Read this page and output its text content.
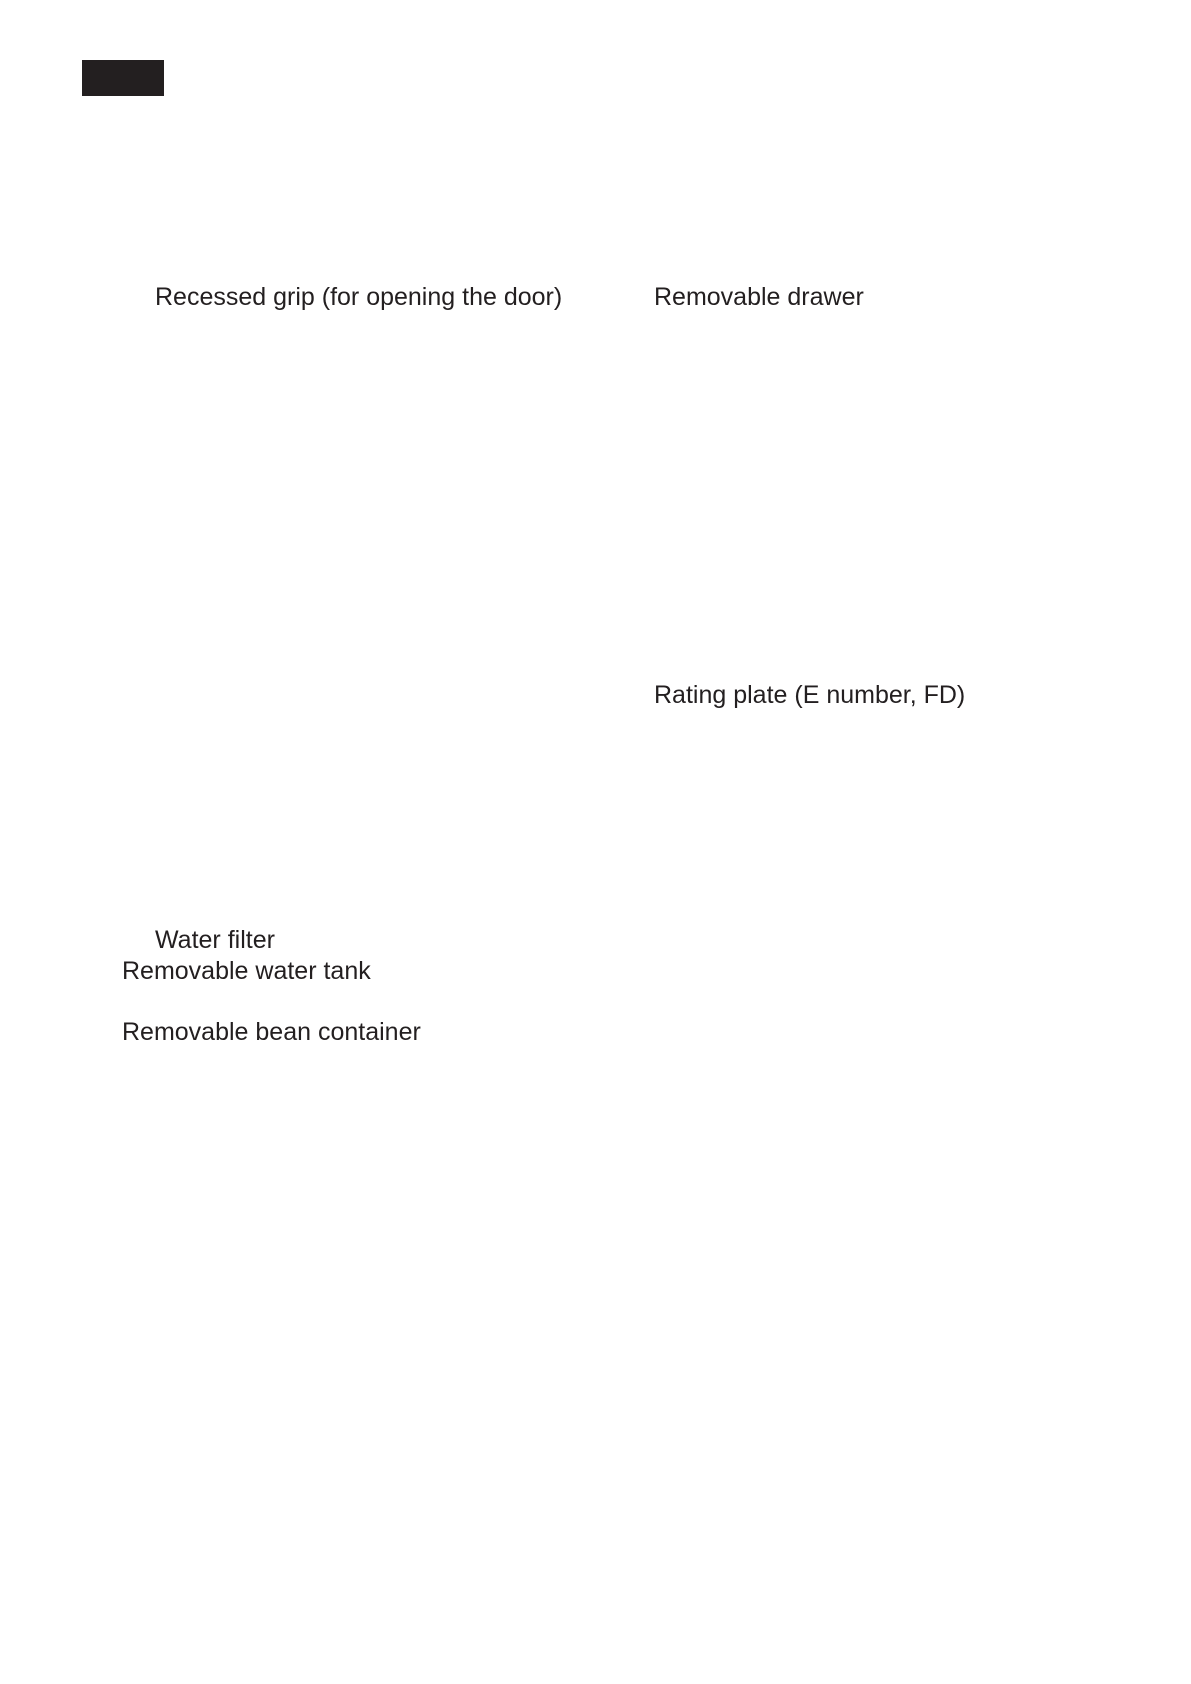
Recessed grip (for opening the door)	Removable drawer
Rating plate (E number, FD)
Water filter
Removable water tank
Removable bean container
